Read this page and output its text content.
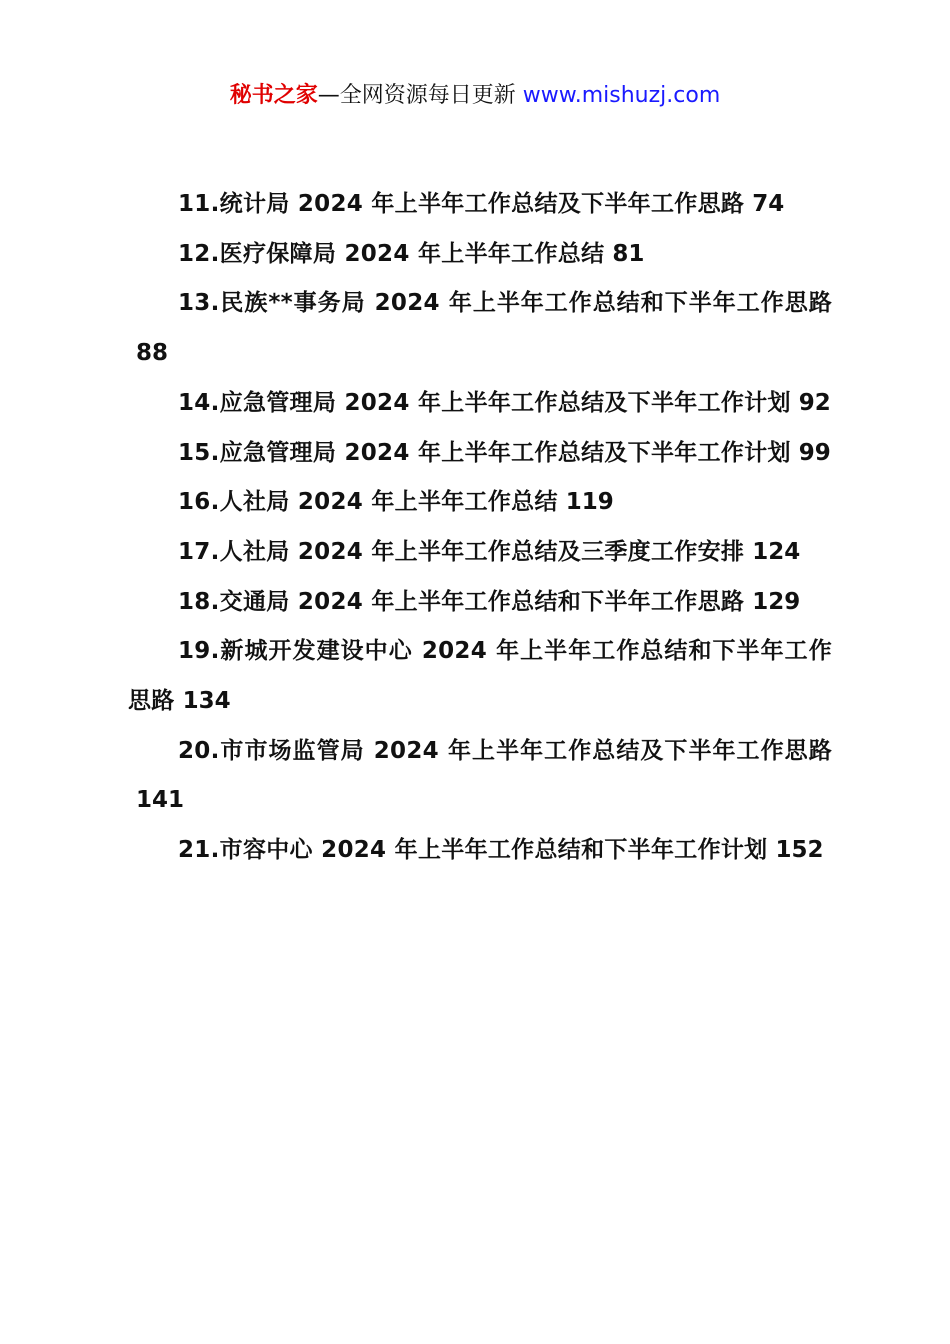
秘书之家—全网资源每日更新 www.mishuzj.com
11.统计局 2024 年上半年工作总结及下半年工作思路 74
12.医疗保障局 2024 年上半年工作总结 81
13.民族**事务局 2024 年上半年工作总结和下半年工作思路88
14.应急管理局 2024 年上半年工作总结及下半年工作计划 92
15.应急管理局 2024 年上半年工作总结及下半年工作计划 99
16.人社局 2024 年上半年工作总结 119
17.人社局 2024 年上半年工作总结及三季度工作安排 124
18.交通局 2024 年上半年工作总结和下半年工作思路 129
19.新城开发建设中心 2024 年上半年工作总结和下半年工作思路 134
20.市市场监管局 2024 年上半年工作总结及下半年工作思路141
21.市容中心 2024 年上半年工作总结和下半年工作计划 152
